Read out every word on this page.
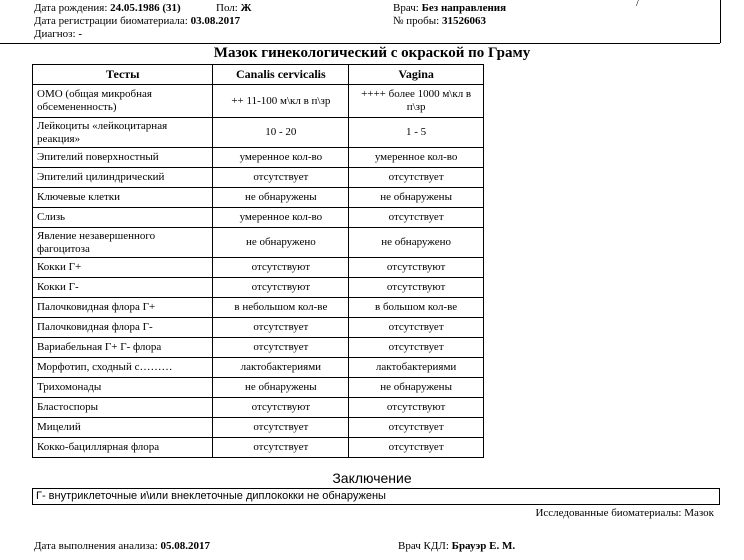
Дата рождения: 24.05.1986 (31)	Пол: Ж
Дата регистрации биоматериала: 03.08.2017
Диагноз: -
Врач: Без направления
№ пробы: 31526063
/
Мазок гинекологический с окраской по Граму
Тесты	Canalis cervicalis	Vagina
ОМО (общая микробная обсемененность)	++ 11-100 м\кл в п\зр	++++ более 1000 м\кл в п\зр
Лейкоциты «лейкоцитарная реакция»	10 - 20	1 - 5
Эпителий поверхностный	умеренное кол-во	умеренное кол-во
Эпителий цилиндрический	отсутствует	отсутствует
Ключевые клетки	не обнаружены	не обнаружены
Слизь	умеренное кол-во	отсутствует
Явление незавершенного фагоцитоза	не обнаружено	не обнаружено
Кокки Г+	отсутствуют	отсутствуют
Кокки Г-	отсутствуют	отсутствуют
Палочковидная флора Г+	в небольшом кол-ве	в большом кол-ве
Палочковидная флора Г-	отсутствует	отсутствует
Вариабельная Г+ Г- флора	отсутствует	отсутствует
Морфотип, сходный с………	лактобактериями	лактобактериями
Трихомонады	не обнаружены	не обнаружены
Бластоспоры	отсутствуют	отсутствуют
Мицелий	отсутствует	отсутствует
Кокко-бациллярная флора	отсутствует	отсутствует
Заключение
Г- внутриклеточные и\или внеклеточные диплококки не обнаружены
Исследованные биоматериалы: Мазок
Дата выполнения анализа: 05.08.2017	Врач КДЛ: Брауэр Е. М.
